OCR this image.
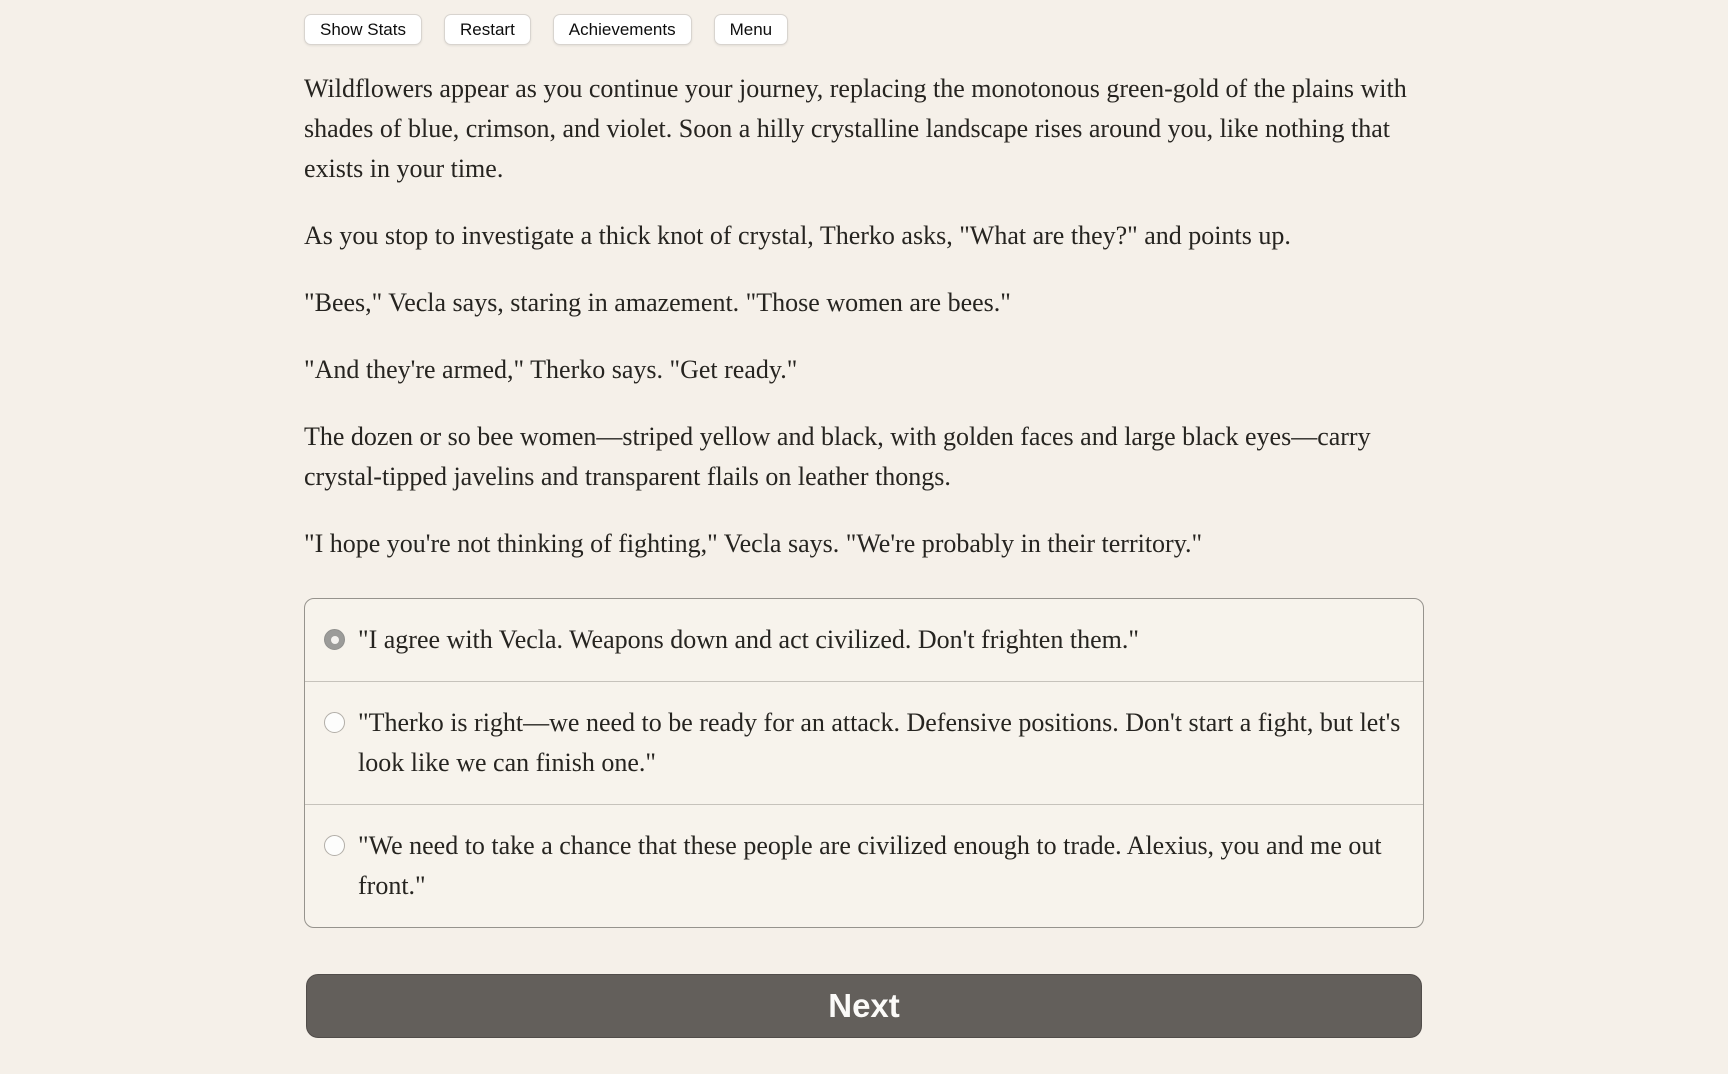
Show Stats	Restart	Achievements	Menu

Wildflowers appear as you continue your journey, replacing the monotonous green-gold of the plains with shades of blue, crimson, and violet. Soon a hilly crystalline landscape rises around you, like nothing that exists in your time.

As you stop to investigate a thick knot of crystal, Therko asks, "What are they?" and points up.

"Bees," Vecla says, staring in amazement. "Those women are bees."

"And they're armed," Therko says. "Get ready."

The dozen or so bee women—striped yellow and black, with golden faces and large black eyes—carry crystal-tipped javelins and transparent flails on leather thongs.

"I hope you're not thinking of fighting," Vecla says. "We're probably in their territory."

"I agree with Vecla. Weapons down and act civilized. Don't frighten them."
"Therko is right—we need to be ready for an attack. Defensive positions. Don't start a fight, but let's look like we can finish one."
"We need to take a chance that these people are civilized enough to trade. Alexius, you and me out front."
Next
